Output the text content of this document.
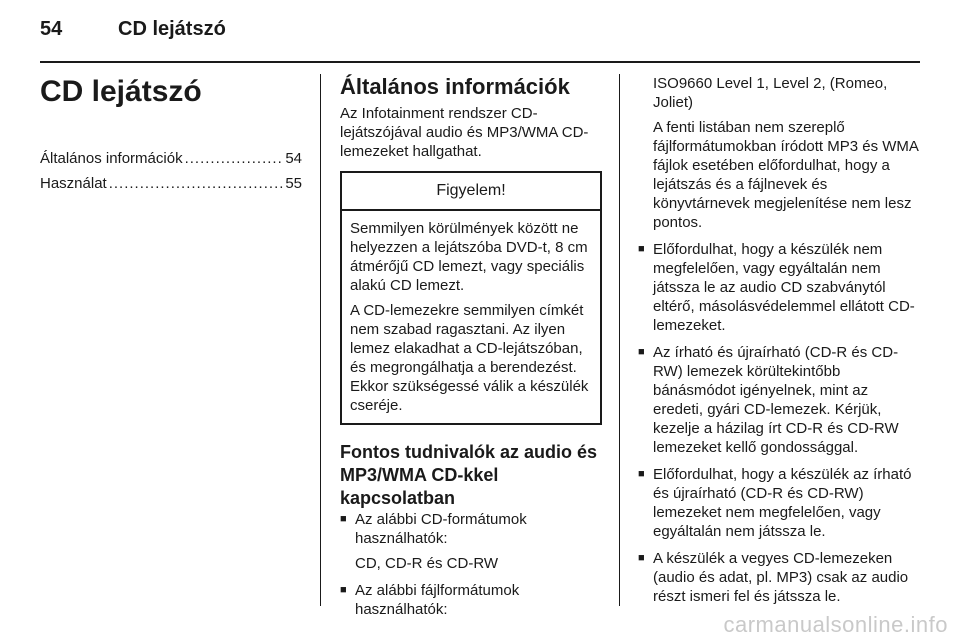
54	CD lejátszó
CD lejátszó
Általános információk .....	54
Használat .....	55
Általános információk

Az Infotainment rendszer CD-lejátszójával audio és MP3/WMA CD-lemezeket hallgathat.

Figyelem!

Semmilyen körülmények között ne helyezzen a lejátszóba DVD-t, 8 cm átmérőjű CD lemezt, vagy speciális alakú CD lemezt.

A CD-lemezekre semmilyen címkét nem szabad ragasztani. Az ilyen lemez elakadhat a CD-lejátszóban, és megrongálhatja a berendezést. Ekkor szükségessé válik a készülék cseréje.

Fontos tudnivalók az audio és MP3/WMA CD-kkel kapcsolatban
■ Az alábbi CD-formátumok használhatók:

CD, CD-R és CD-RW

■ Az alábbi fájlformátumok használhatók:

ISO9660 Level 1, Level 2, (Romeo, Joliet)

A fenti listában nem szereplő fájlformátumokban íródott MP3 és WMA fájlok esetében előfordulhat, hogy a lejátszás és a fájlnevek és könyvtárnevek megjelenítése nem lesz pontos.

■ Előfordulhat, hogy a készülék nem megfelelően, vagy egyáltalán nem játssza le az audio CD szabványtól eltérő, másolásvédelemmel ellátott CD-lemezeket.
■ Az írható és újraírható (CD-R és CD-RW) lemezek körültekintőbb bánásmódot igényelnek, mint az eredeti, gyári CD-lemezek. Kérjük, kezelje a házilag írt CD-R és CD-RW lemezeket kellő gondossággal.
■ Előfordulhat, hogy a készülék az írható és újraírható (CD-R és CD-RW) lemezeket nem megfelelően, vagy egyáltalán nem játssza le.
■ A készülék a vegyes CD-lemezeken (audio és adat, pl. MP3) csak az audio részt ismeri fel és játssza le.
carmanualsonline.info
